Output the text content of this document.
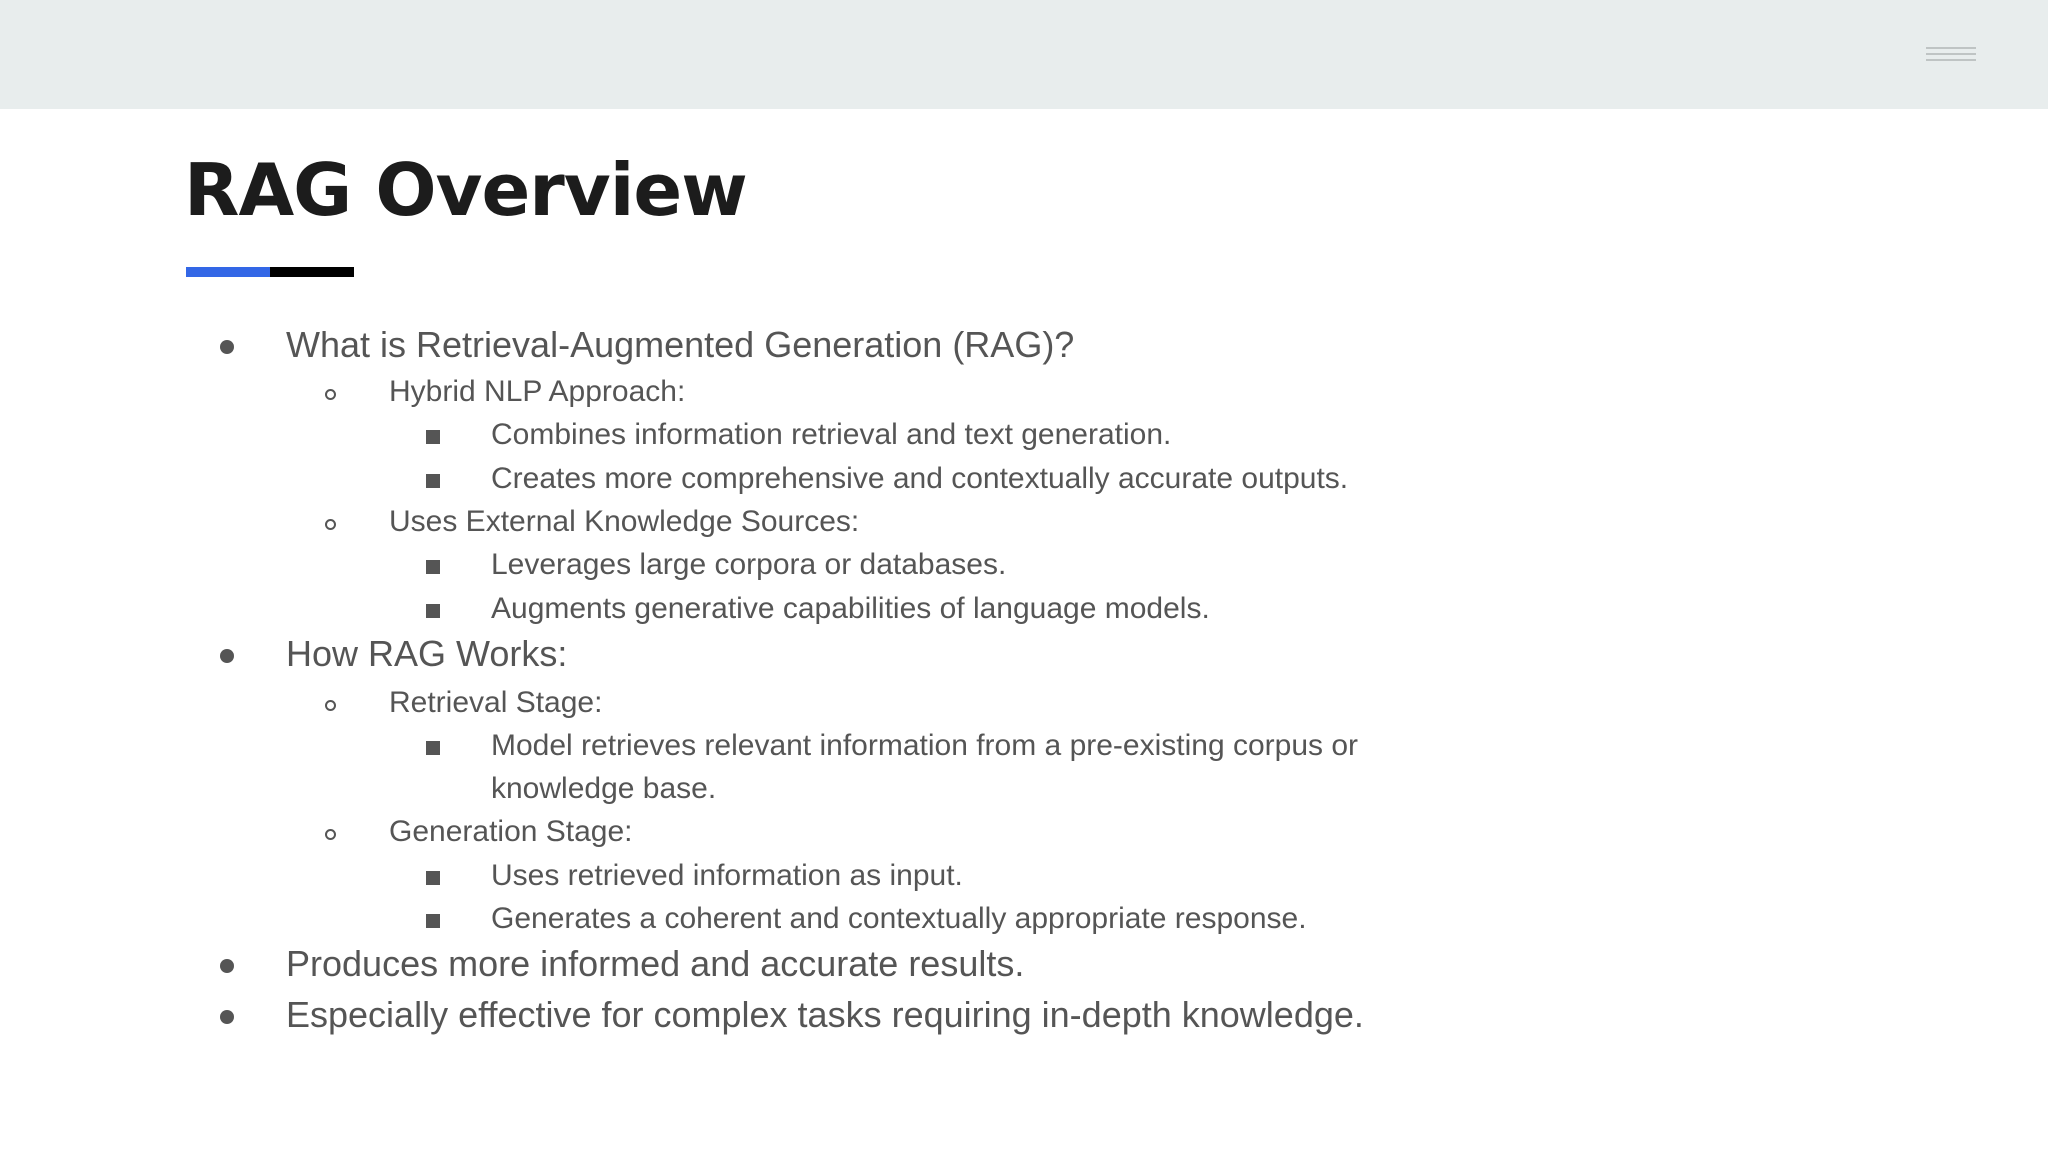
RAG Overview
What is Retrieval-Augmented Generation (RAG)?
Hybrid NLP Approach:
Combines information retrieval and text generation.
Creates more comprehensive and contextually accurate outputs.
Uses External Knowledge Sources:
Leverages large corpora or databases.
Augments generative capabilities of language models.
How RAG Works:
Retrieval Stage:
Model retrieves relevant information from a pre-existing corpus or
knowledge base.
Generation Stage:
Uses retrieved information as input.
Generates a coherent and contextually appropriate response.
Produces more informed and accurate results.
Especially effective for complex tasks requiring in-depth knowledge.
